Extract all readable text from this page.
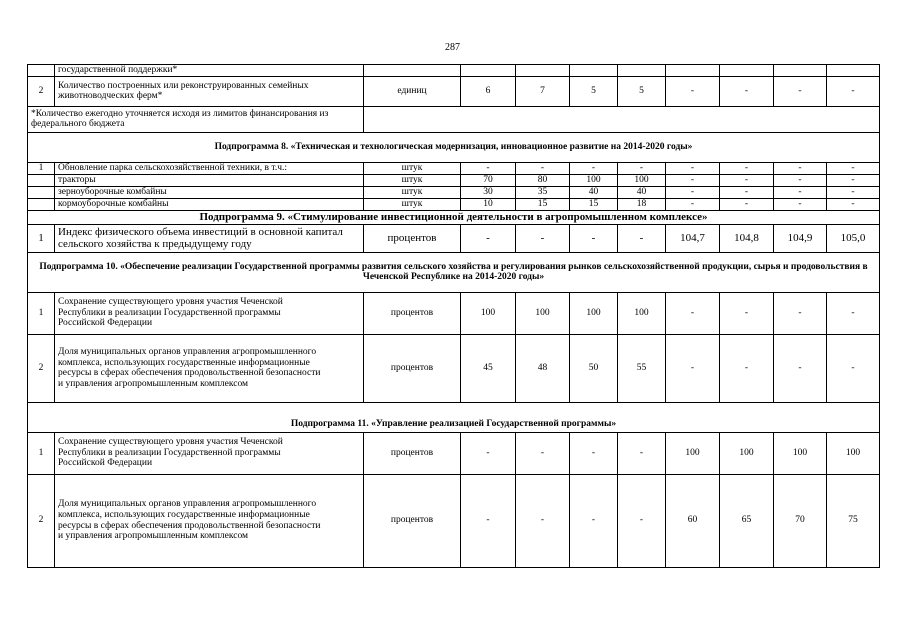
287
	государственной поддержки*									
2	Количество построенных или реконструированных семейных животноводческих ферм*	единиц	6	7	5	5	-	-	-	-
*Количество ежегодно уточняется исходя из лимитов финансирования из федерального бюджета										
Подпрограмма 8. «Техническая и технологическая модернизация, инновационное развитие на 2014-2020 годы»										
1	Обновление парка сельскохозяйственной техники, в т.ч.:	штук	-	-	-	-	-	-	-	-
	тракторы	штук	70	80	100	100	-	-	-	-
	зерноуборочные комбайны	штук	30	35	40	40	-	-	-	-
	кормоуборочные комбайны	штук	10	15	15	18	-	-	-	-
Подпрограмма 9. «Стимулирование инвестиционной деятельности в агропромышленном комплексе»										
1	Индекс физического объема инвестиций в основной капитал сельского хозяйства к предыдущему году	процентов	-	-	-	-	104,7	104,8	104,9	105,0
Подпрограмма 10. «Обеспечение реализации Государственной программы развития сельского хозяйства и регулирования рынков сельскохозяйственной продукции, сырья и продовольствия в Чеченской Республике на 2014-2020 годы»										
1	Сохранение существующего уровня участия Чеченской Республики в реализации Государственной программы Российской Федерации	процентов	100	100	100	100	-	-	-	-
2	Доля муниципальных органов управления агропромышленного комплекса, использующих государственные информационные ресурсы в сферах обеспечения продовольственной безопасности и управления агропромышленным комплексом	процентов	45	48	50	55	-	-	-	-
Подпрограмма 11. «Управление реализацией Государственной программы»										
1	Сохранение существующего уровня участия Чеченской Республики в реализации Государственной программы Российской Федерации	процентов	-	-	-	-	100	100	100	100
2	Доля муниципальных органов управления агропромышленного комплекса, использующих государственные информационные ресурсы в сферах обеспечения продовольственной безопасности и управления агропромышленным комплексом	процентов	-	-	-	-	60	65	70	75
